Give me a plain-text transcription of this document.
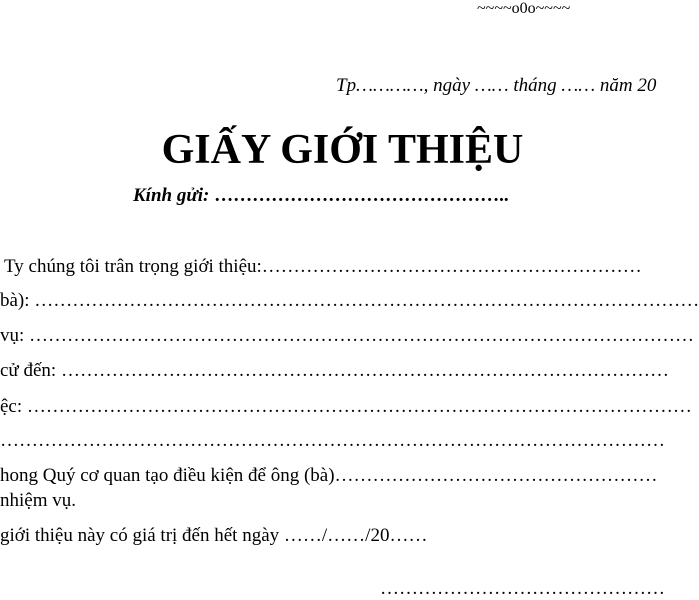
~~~~o0o~~~~
Tp…………, ngày …… tháng …… năm 20
GIẤY GIỚI THIỆU
Kính gửi: ………………………………………..
Ty chúng tôi trân trọng giới thiệu:……………………………………………………
bà): ……………………………………………………………………………………………
vụ: ……………………………………………………………………………………………
cử đến: ……………………………………………………………………………………
ệc: ……………………………………………………………………………………………
……………………………………………………………………………………………
hong Quý cơ quan tạo điều kiện để ông (bà)……………………………………………
nhiệm vụ.
giới thiệu này có giá trị đến hết ngày ……/……/20……
………………………………………
